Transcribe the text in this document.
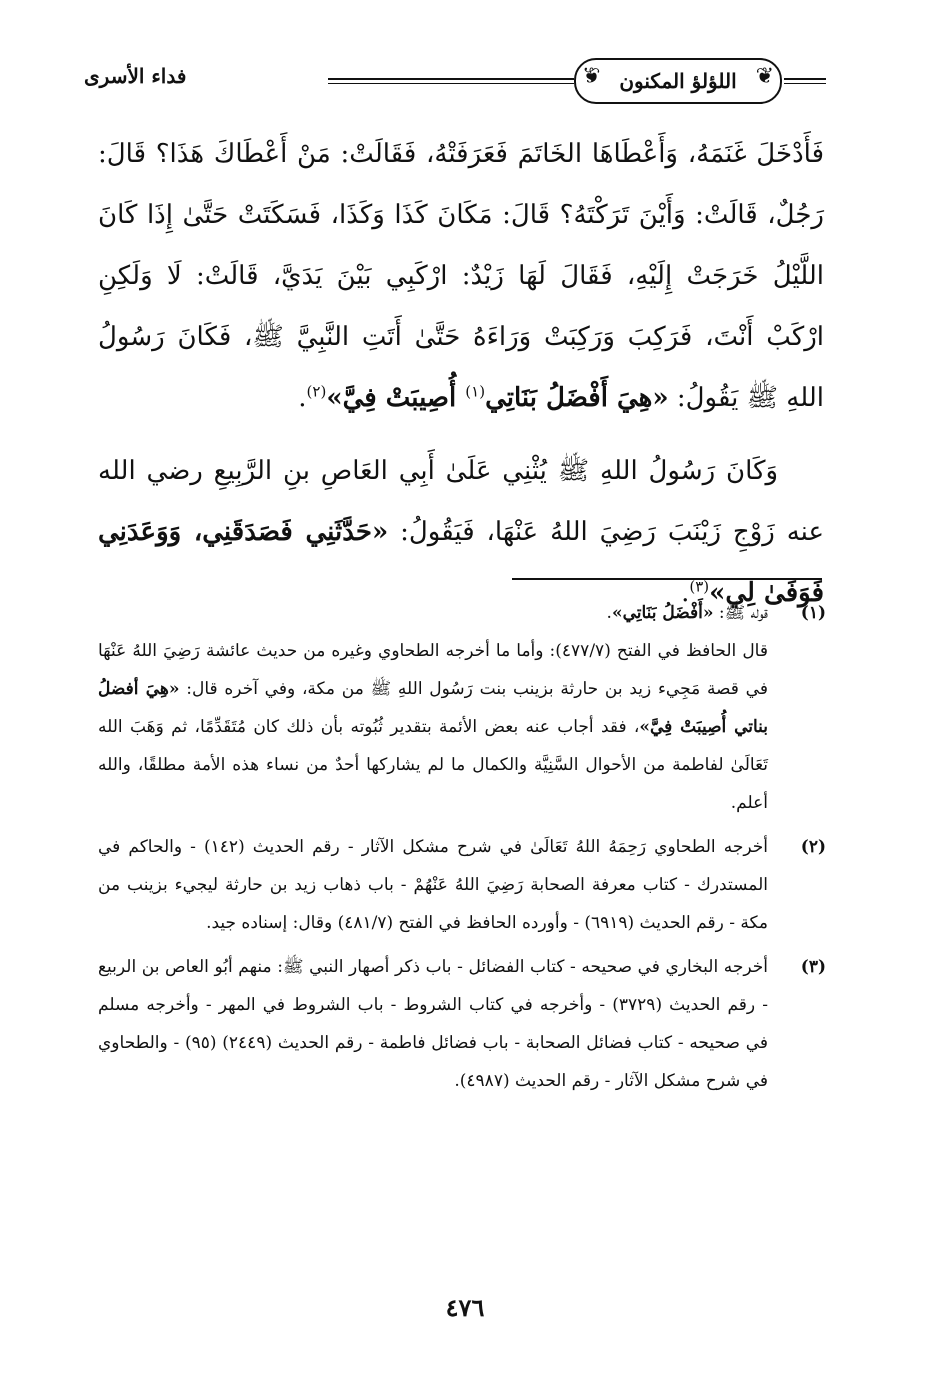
❦ اللؤلؤ المكنون
❦
فداء الأسرى

فَأَدْخَلَ غَنَمَهُ، وَأَعْطَاهَا الخَاتَمَ فَعَرَفَتْهُ، فَقَالَتْ: مَنْ أَعْطَاكَ هَذَا؟ قَالَ: رَجُلٌ، قَالَتْ: وَأَيْنَ تَرَكْتَهُ؟ قَالَ: مَكَانَ كَذَا وَكَذَا، فَسَكَتَتْ حَتَّىٰ إِذَا كَانَ اللَّيْلُ خَرَجَتْ إِلَيْهِ، فَقَالَ لَهَا زَيْدٌ: ارْكَبِي بَيْنَ يَدَيَّ، قَالَتْ: لَا وَلَكِنِ ارْكَبْ أَنْتَ، فَرَكِبَ وَرَكِبَتْ وَرَاءَهُ حَتَّىٰ أَتَتِ النَّبِيَّ ﷺ، فَكَانَ رَسُولُ اللهِ ﷺ يَقُولُ: «هِيَ أَفْضَلُ بَنَاتِي$^{(١)}$ أُصِيبَتْ فِيَّ»$^{(٢)}$.

وَكَانَ رَسُولُ اللهِ ﷺ يُثْنِي عَلَىٰ أَبِي العَاصِ بنِ الرَّبِيعِ رضي الله عنه زَوْجِ زَيْنَبَ رَضِيَ اللهُ عَنْهَا، فَيَقُولُ: «حَدَّثَنِي فَصَدَقَنِي، وَوَعَدَنِي فَوَفَىٰ لِي»$^{(٣)}$.

(١)

قوله ﷺ: «أَفْضَلُ بَنَاتِي».

قال الحافظ في الفتح (٤٧٧/٧): وأما ما أخرجه الطحاوي وغيره من حديث عائشة رَضِيَ اللهُ عَنْهَا في قصة مَجِيء زيد بن حارثة بزينب بنت رَسُول اللهِ ﷺ من مكة، وفي آخره قال: «هِيَ أفضلُ بناتي أُصِيبَتْ فِيَّ»، فقد أجاب عنه بعض الأئمة بتقدير ثُبُوته بأن ذلك كان مُتَقَدِّمًا، ثم وَهَبَ الله تَعَالَىٰ لفاطمة من الأحوال السَّنِيَّة والكمال ما لم يشاركها أحدٌ من نساء هذه الأمة مطلقًا، والله أعلم.

(٢)

أخرجه الطحاوي رَحِمَهُ اللهُ تَعَالَىٰ في شرح مشكل الآثار - رقم الحديث (١٤٢) - والحاكم في المستدرك - كتاب معرفة الصحابة رَضِيَ اللهُ عَنْهُمْ - باب ذهاب زيد بن حارثة ليجيء بزينب من مكة - رقم الحديث (٦٩١٩) - وأورده الحافظ في الفتح (٤٨١/٧) وقال: إسناده جيد.

(٣)

أخرجه البخاري في صحيحه - كتاب الفضائل - باب ذكر أصهار النبي ﷺ: منهم أبُو العاص بن الربيع - رقم الحديث (٣٧٢٩) - وأخرجه في كتاب الشروط - باب الشروط في المهر - وأخرجه مسلم في صحيحه - كتاب فضائل الصحابة - باب فضائل فاطمة - رقم الحديث (٢٤٤٩) (٩٥) - والطحاوي في شرح مشكل الآثار - رقم الحديث (٤٩٨٧).

٤٧٦
